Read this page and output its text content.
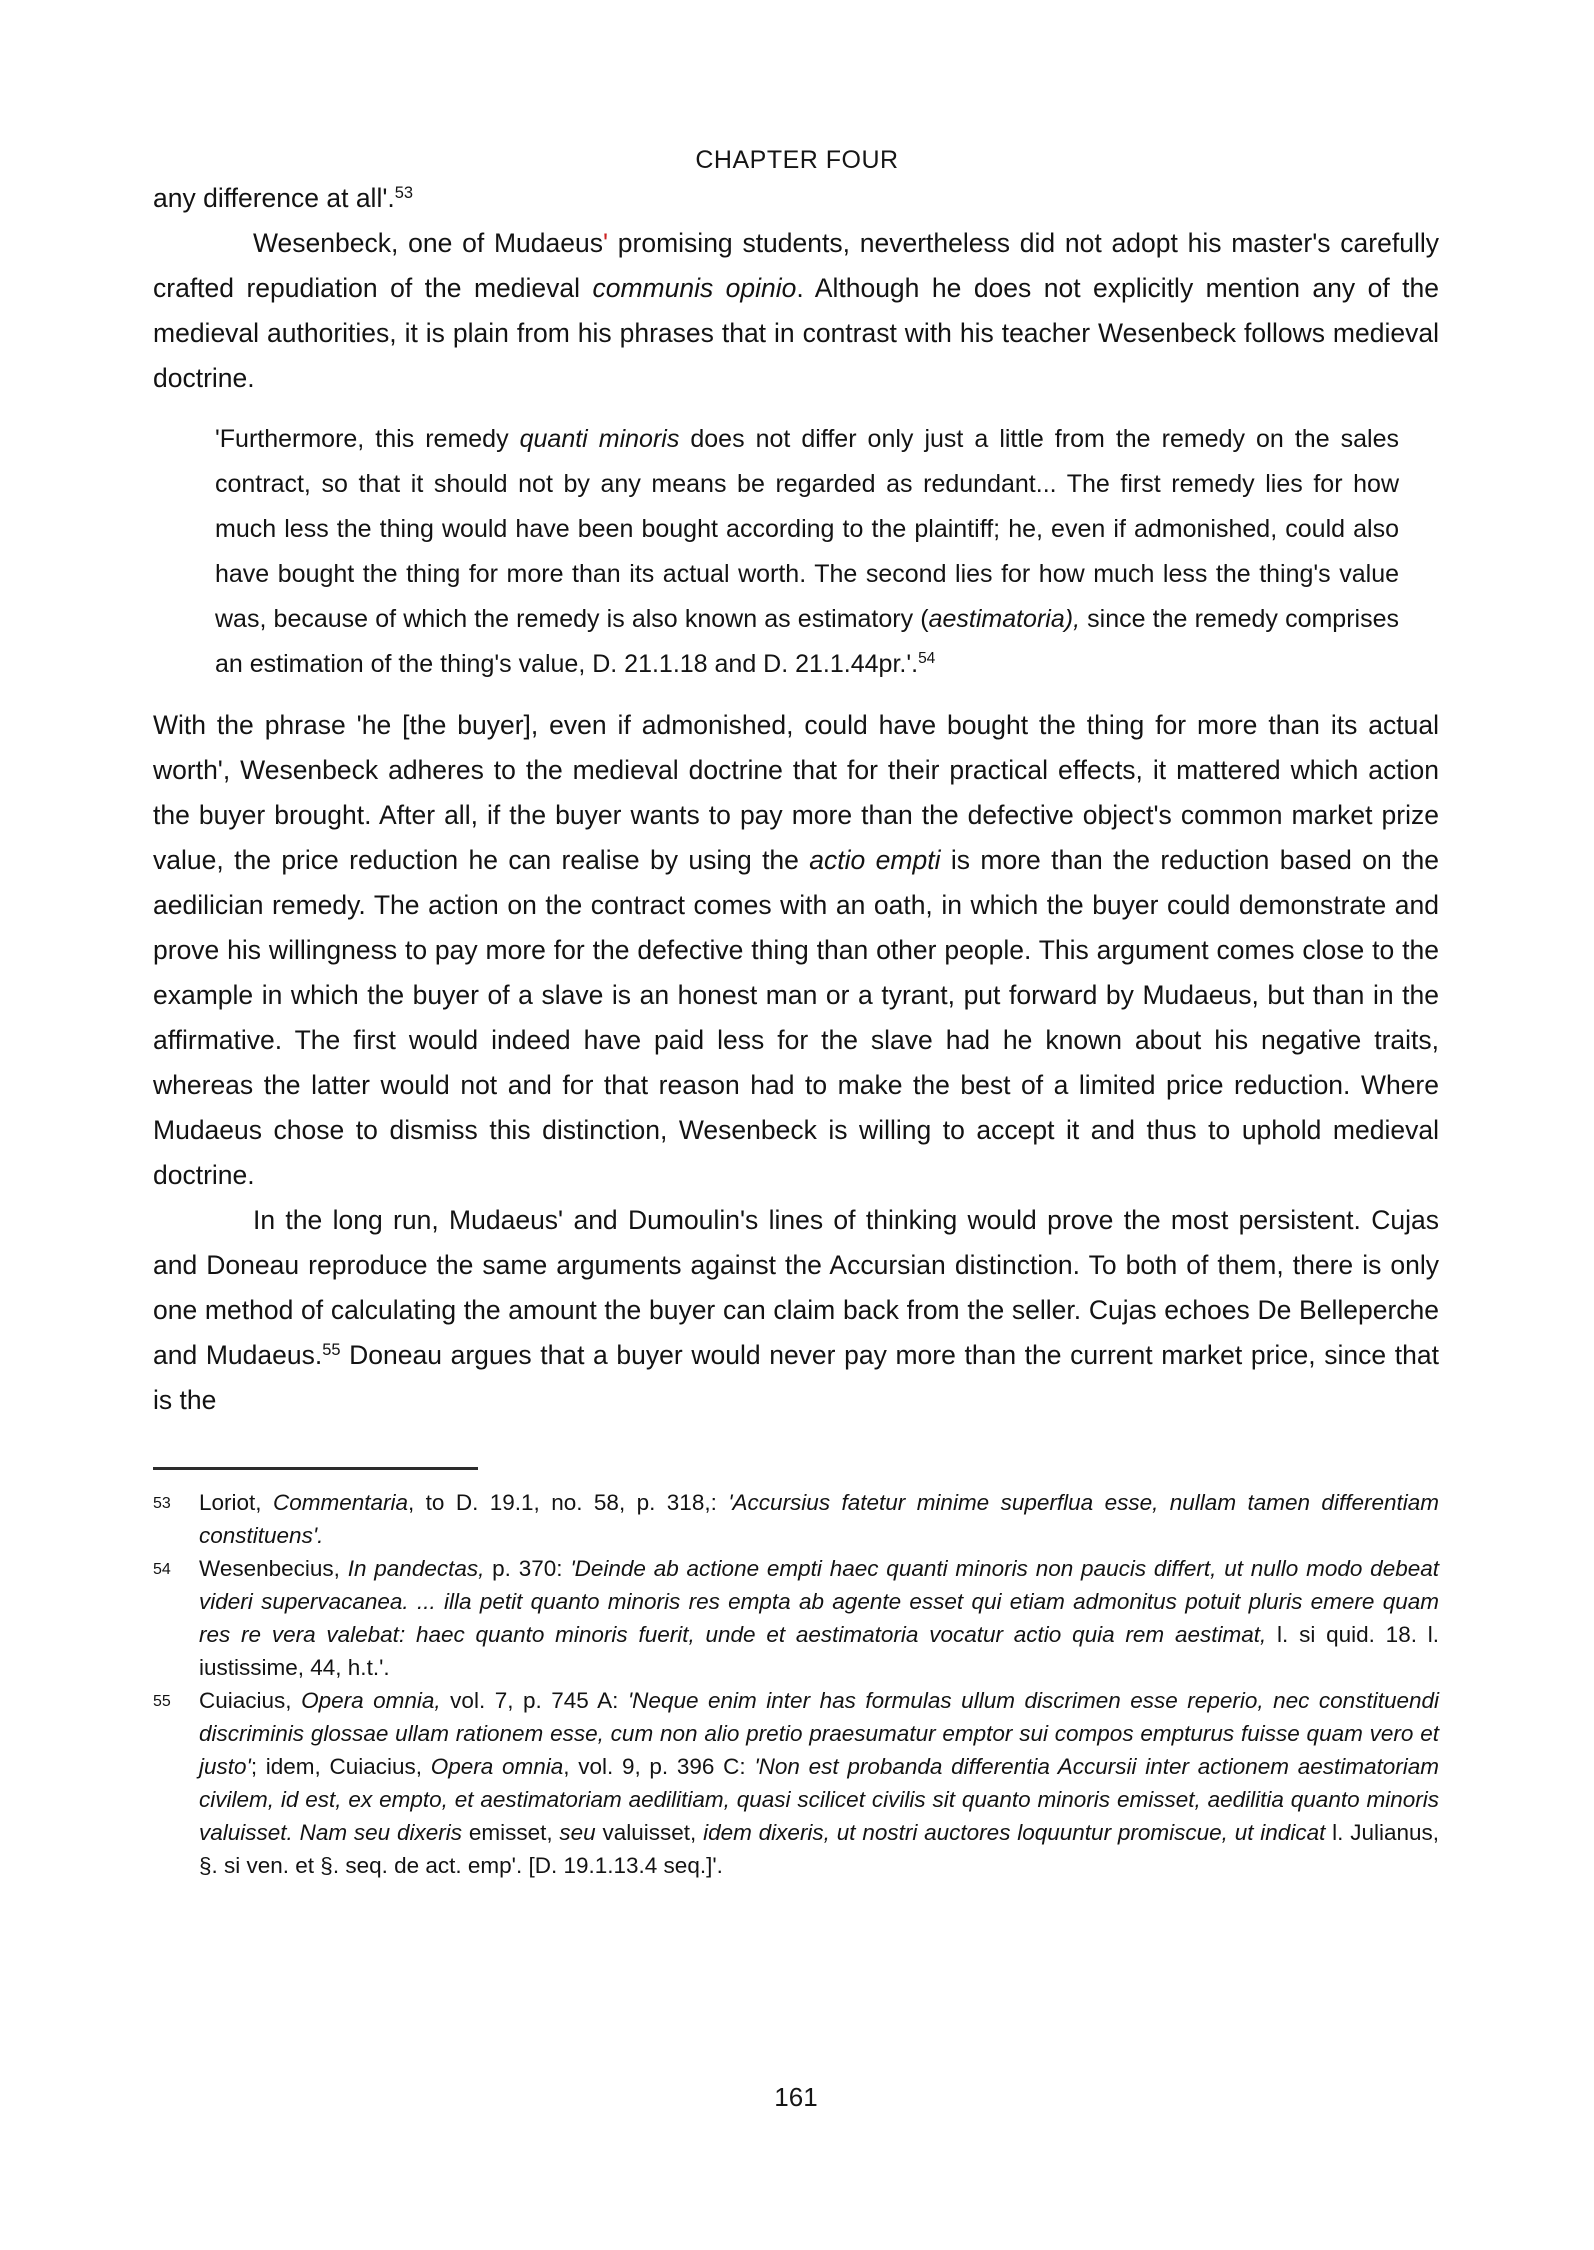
CHAPTER FOUR

any difference at all'.$^{53}$

Wesenbeck, one of Mudaeus' promising students, nevertheless did not adopt his master's carefully crafted repudiation of the medieval communis opinio. Although he does not explicitly mention any of the medieval authorities, it is plain from his phrases that in contrast with his teacher Wesenbeck follows medieval doctrine.

'Furthermore, this remedy quanti minoris does not differ only just a little from the remedy on the sales contract, so that it should not by any means be regarded as redundant... The first remedy lies for how much less the thing would have been bought according to the plaintiff; he, even if admonished, could also have bought the thing for more than its actual worth. The second lies for how much less the thing's value was, because of which the remedy is also known as estimatory (aestimatoria), since the remedy comprises an estimation of the thing's value, D. 21.1.18 and D. 21.1.44pr.'.$^{54}$

With the phrase 'he [the buyer], even if admonished, could have bought the thing for more than its actual worth', Wesenbeck adheres to the medieval doctrine that for their practical effects, it mattered which action the buyer brought. After all, if the buyer wants to pay more than the defective object's common market prize value, the price reduction he can realise by using the actio empti is more than the reduction based on the aedilician remedy. The action on the contract comes with an oath, in which the buyer could demonstrate and prove his willingness to pay more for the defective thing than other people. This argument comes close to the example in which the buyer of a slave is an honest man or a tyrant, put forward by Mudaeus, but than in the affirmative. The first would indeed have paid less for the slave had he known about his negative traits, whereas the latter would not and for that reason had to make the best of a limited price reduction. Where Mudaeus chose to dismiss this distinction, Wesenbeck is willing to accept it and thus to uphold medieval doctrine.

In the long run, Mudaeus' and Dumoulin's lines of thinking would prove the most persistent. Cujas and Doneau reproduce the same arguments against the Accursian distinction. To both of them, there is only one method of calculating the amount the buyer can claim back from the seller. Cujas echoes De Belleperche and Mudaeus.$^{55}$ Doneau argues that a buyer would never pay more than the current market price, since that is the

53	Loriot, Commentaria, to D. 19.1, no. 58, p. 318,: 'Accursius fatetur minime superflua esse, nullam tamen differentiam constituens'.
54	Wesenbecius, In pandectas, p. 370: 'Deinde ab actione empti haec quanti minoris non paucis differt, ut nullo modo debeat videri supervacanea. ... illa petit quanto minoris res empta ab agente esset qui etiam admonitus potuit pluris emere quam res re vera valebat: haec quanto minoris fuerit, unde et aestimatoria vocatur actio quia rem aestimat, l. si quid. 18. l. iustissime, 44, h.t.'.
55	Cuiacius, Opera omnia, vol. 7, p. 745 A: 'Neque enim inter has formulas ullum discrimen esse reperio, nec constituendi discriminis glossae ullam rationem esse, cum non alio pretio praesumatur emptor sui compos empturus fuisse quam vero et justo'; idem, Cuiacius, Opera omnia, vol. 9, p. 396 C: 'Non est probanda differentia Accursii inter actionem aestimatoriam civilem, id est, ex empto, et aestimatoriam aedilitiam, quasi scilicet civilis sit quanto minoris emisset, aedilitia quanto minoris valuisset. Nam seu dixeris emisset, seu valuisset, idem dixeris, ut nostri auctores loquuntur promiscue, ut indicat l. Julianus, §. si ven. et §. seq. de act. emp'. [D. 19.1.13.4 seq.]'.
161
